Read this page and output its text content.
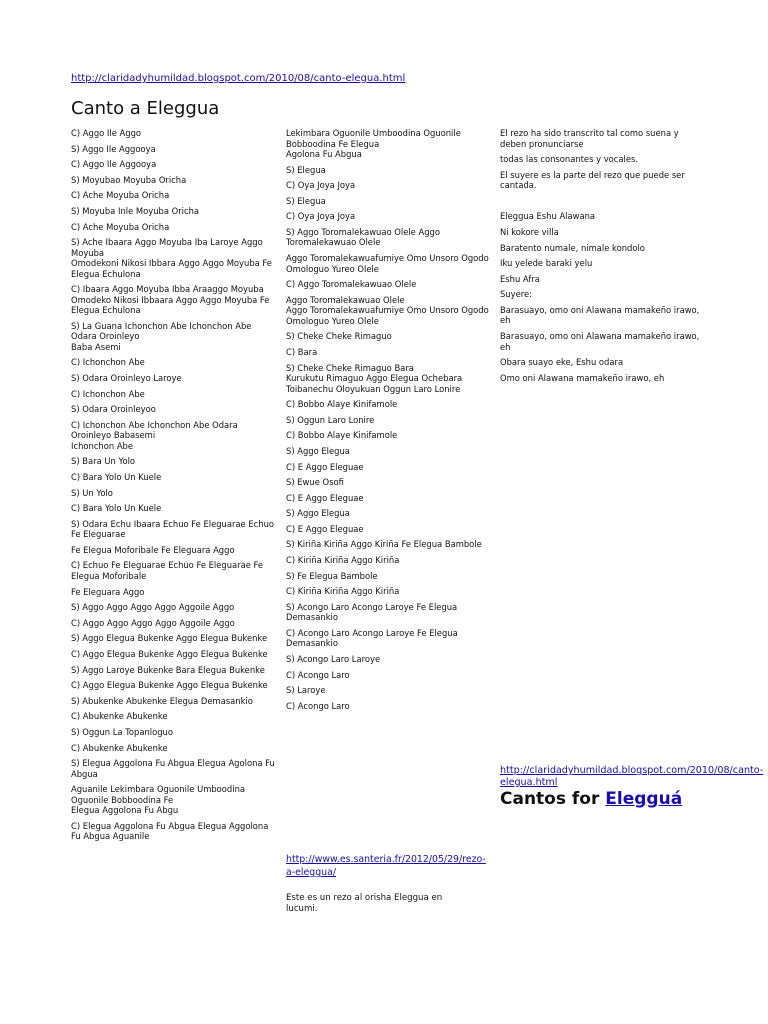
http://claridadyhumildad.blogspot.com/2010/08/canto-elegua.html
Canto a Eleggua
C) Aggo Ile Aggo
S) Aggo Ile Aggooya
C) Aggo Ile Aggooya
S) Moyubao Moyuba Oricha
C) Ache Moyuba Oricha
S) Moyuba Inle Moyuba Oricha
C) Ache Moyuba Oricha
S) Ache Ibaara Aggo Moyuba Iba Laroye Aggo Moyuba
Omodekoni Nikosi Ibbara Aggo Aggo Moyuba Fe Elegua Echulona
C) Ibaara Aggo Moyuba Ibba Araaggo Moyuba
Omodeko Nikosi Ibbaara Aggo Aggo Moyuba Fe Elegua Echulona
S) La Guana Ichonchon Abe Ichonchon Abe Odara Oroinleyo
Baba Asemi
C) Ichonchon Abe
S) Odara Oroinleyo Laroye
C) Ichonchon Abe
S) Odara Oroinleyoo
C) Ichonchon Abe Ichonchon Abe Odara Oroinleyo Babasemi
Ichonchon Abe
S) Bara Un Yolo
C) Bara Yolo Un Kuele
S) Un Yolo
C) Bara Yolo Un Kuele
S) Odara Echu Ibaara Echuo Fe Eleguarae Echuo Fe Eleguarae
Fe Elegua Moforibale Fe Eleguara Aggo
C) Echuo Fe Eleguarae Echuo Fe Eleguarae Fe Elegua Moforibale
Fe Eleguara Aggo
S) Aggo Aggo Aggo Aggo Aggoile Aggo
C) Aggo Aggo Aggo Aggo Aggoile Aggo
S) Aggo Elegua Bukenke Aggo Elegua Bukenke
C) Aggo Elegua Bukenke Aggo Elegua Bukenke
S) Aggo Laroye Bukenke Bara Elegua Bukenke
C) Aggo Elegua Bukenke Aggo Elegua Bukenke
S) Abukenke Abukenke Elegua Demasankio
C) Abukenke Abukenke
S) Oggun La Topanloguo
C) Abukenke Abukenke
S) Elegua Aggolona Fu Abgua Elegua Agolona Fu Abgua
Aguanile Lekimbara Oguonile Umboodina Oguonile Bobboodina Fe
Elegua Aggolona Fu Abgu
C) Elegua Aggolona Fu Abgua Elegua Aggolona Fu Abgua Aguanile
Lekimbara Oguonile Umboodina Oguonile Bobboodina Fe Elegua
Agolona Fu Abgua
S) Elegua
C) Oya Joya Joya
S) Elegua
C) Oya Joya Joya
S) Aggo Toromalekawuao Olele Aggo Toromalekawuao Olele
Aggo Toromalekawuafumiye Omo Unsoro Ogodo
Omologuo Yureo Olele
C) Aggo Toromalekawuao Olele
Aggo Toromalekawuao Olele
Aggo Toromalekawuafumiye Omo Unsoro Ogodo
Omologuo Yureo Olele
S) Cheke Cheke Rimaguo
C) Bara
S) Cheke Cheke Rimaguo Bara
Kurukutu Rimaguo Aggo Elegua Ochebara Toibanechu Oloyukuan Oggun Laro Lonire
C) Bobbo Alaye Kinifamole
S) Oggun Laro Lonire
C) Bobbo Alaye Kinifamole
S) Aggo Elegua
C) E Aggo Eleguae
S) Ewue Osofi
C) E Aggo Eleguae
S) Aggo Elegua
C) E Aggo Eleguae
S) Kiriña Kiriña Aggo Kiriña Fe Elegua Bambole
C) Kiriña Kiriña Aggo Kiriña
S) Fe Elegua Bambole
C) Kiriña Kiriña Aggo Kiriña
S) Acongo Laro Acongo Laroye Fe Elegua Demasankio
C) Acongo Laro Acongo Laroye Fe Elegua Demasankio
S) Acongo Laro Laroye
C) Acongo Laro
S) Laroye
C) Acongo Laro
El rezo ha sido transcrito tal como suena y deben pronunciarse
todas las consonantes y vocales.
El suyere es la parte del rezo que puede ser cantada.
Eleggua Eshu Alawana
Ni kokore villa
Baratento numale, nimale kondolo
Iku yelede baraki yelu
Eshu Afra
Suyere:
Barasuayo, omo oni Alawana mamakeño irawo, eh
Barasuayo, omo oni Alawana mamakeño irawo, eh
Obara suayo eke, Eshu odara
Omo oni Alawana mamakeño irawo, eh
http://www.es.santeria.fr/2012/05/29/rezo-a-eleggua/
Este es un rezo al orisha Eleggua en lucumi.
http://claridadyhumildad.blogspot.com/2010/08/canto-elegua.html
Cantos for Elegguá
